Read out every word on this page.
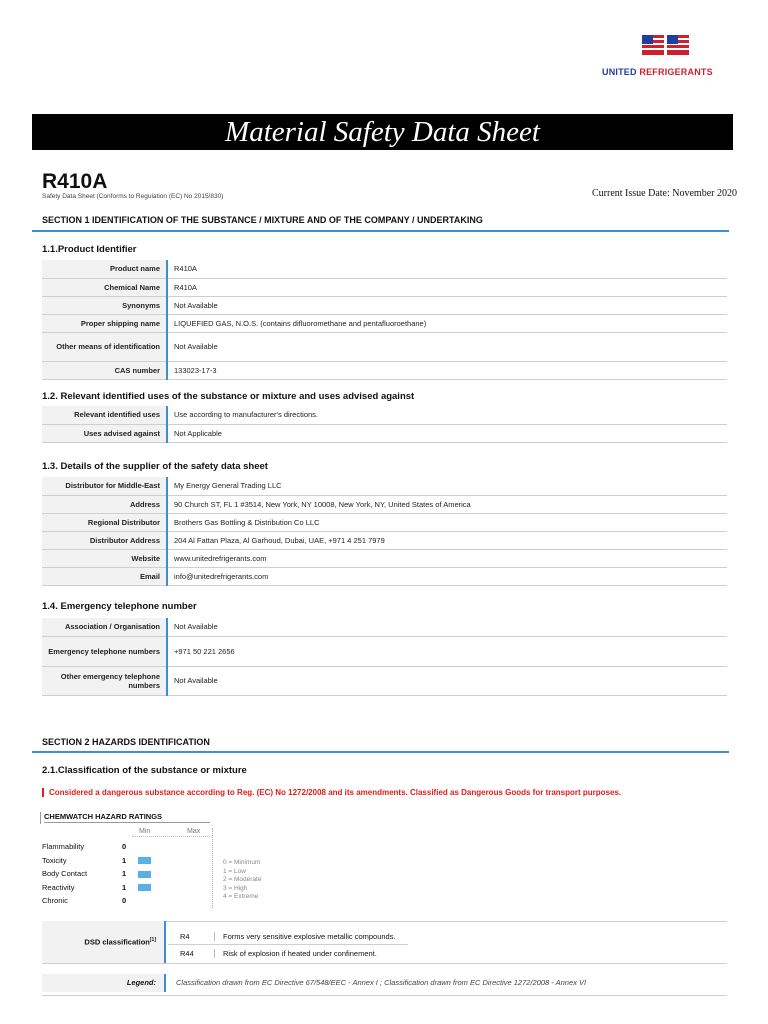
UNITED REFRIGERANTS
Material Safety Data Sheet
R410A
Safety Data Sheet (Conforms to Regulation (EC) No 2015/830)	Current Issue Date: November 2020
SECTION 1 IDENTIFICATION OF THE SUBSTANCE / MIXTURE AND OF THE COMPANY / UNDERTAKING
1.1.Product Identifier
Product name	R410A
Chemical Name	R410A
Synonyms	Not Available
Proper shipping name	LIQUEFIED GAS, N.O.S. (contains difluoromethane and pentafluoroethane)
Other means of identification	Not Available
CAS number	133023-17-3
1.2. Relevant identified uses of the substance or mixture and uses advised against
Relevant identified uses	Use according to manufacturer's directions.
Uses advised against	Not Applicable
1.3. Details of the supplier of the safety data sheet
Distributor for Middle-East	My Energy General Trading LLC
Address	90 Church ST, FL 1 #3514, New York, NY 10008, New York, NY, United States of America
Regional Distributor	Brothers Gas Bottling & Distribution Co LLC
Distributor Address	204 Al Fattan Plaza, Al Garhoud, Dubai, UAE, +971 4 251 7979
Website	www.unitedrefrigerants.com
Email	info@unitedrefrigerants.com
1.4. Emergency telephone number
Association / Organisation	Not Available
Emergency telephone numbers	+971 50 221 2656
Other emergency telephone numbers	Not Available
SECTION 2 HAZARDS IDENTIFICATION
2.1.Classification of the substance or mixture
Considered a dangerous substance according to Reg. (EC) No 1272/2008 and its amendments. Classified as Dangerous Goods for transport purposes.
CHEMWATCH HAZARD RATINGS
Min	Max
Flammability	0	
Toxicity	1	
Body Contact	1	
Reactivity	1	
Chronic	0	
0 = Minimum
1 = Low
2 = Moderate
3 = High
4 = Extreme
DSD classification[1]	R4	Forms very sensitive explosive metallic compounds.
R44	Risk of explosion if heated under confinement.
Legend:	Classification drawn from EC Directive 67/548/EEC - Annex I ; Classification drawn from EC Directive 1272/2008 - Annex VI
